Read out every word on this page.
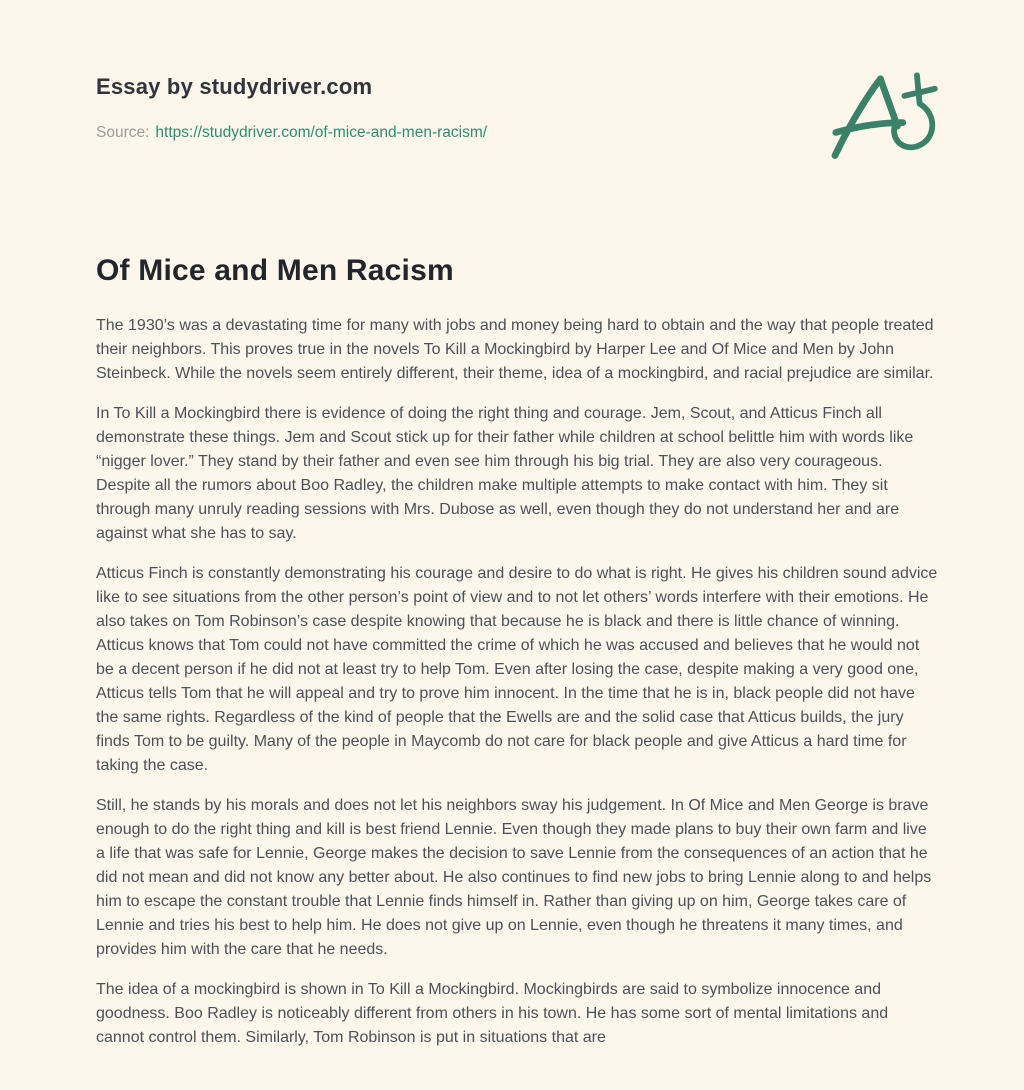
Essay by studydriver.com
Source: https://studydriver.com/of-mice-and-men-racism/
Of Mice and Men Racism

The 1930’s was a devastating time for many with jobs and money being hard to obtain and the way that people treated their neighbors. This proves true in the novels To Kill a Mockingbird by Harper Lee and Of Mice and Men by John Steinbeck. While the novels seem entirely different, their theme, idea of a mockingbird, and racial prejudice are similar.

In To Kill a Mockingbird there is evidence of doing the right thing and courage. Jem, Scout, and Atticus Finch all demonstrate these things. Jem and Scout stick up for their father while children at school belittle him with words like “nigger lover.” They stand by their father and even see him through his big trial. They are also very courageous. Despite all the rumors about Boo Radley, the children make multiple attempts to make contact with him. They sit through many unruly reading sessions with Mrs. Dubose as well, even though they do not understand her and are against what she has to say.

Atticus Finch is constantly demonstrating his courage and desire to do what is right. He gives his children sound advice like to see situations from the other person’s point of view and to not let others’ words interfere with their emotions. He also takes on Tom Robinson’s case despite knowing that because he is black and there is little chance of winning. Atticus knows that Tom could not have committed the crime of which he was accused and believes that he would not be a decent person if he did not at least try to help Tom. Even after losing the case, despite making a very good one, Atticus tells Tom that he will appeal and try to prove him innocent. In the time that he is in, black people did not have the same rights. Regardless of the kind of people that the Ewells are and the solid case that Atticus builds, the jury finds Tom to be guilty. Many of the people in Maycomb do not care for black people and give Atticus a hard time for taking the case.

Still, he stands by his morals and does not let his neighbors sway his judgement. In Of Mice and Men George is brave enough to do the right thing and kill is best friend Lennie. Even though they made plans to buy their own farm and live a life that was safe for Lennie, George makes the decision to save Lennie from the consequences of an action that he did not mean and did not know any better about. He also continues to find new jobs to bring Lennie along to and helps him to escape the constant trouble that Lennie finds himself in. Rather than giving up on him, George takes care of Lennie and tries his best to help him. He does not give up on Lennie, even though he threatens it many times, and provides him with the care that he needs.

The idea of a mockingbird is shown in To Kill a Mockingbird. Mockingbirds are said to symbolize innocence and goodness. Boo Radley is noticeably different from others in his town. He has some sort of mental limitations and cannot control them. Similarly, Tom Robinson is put in situations that are
